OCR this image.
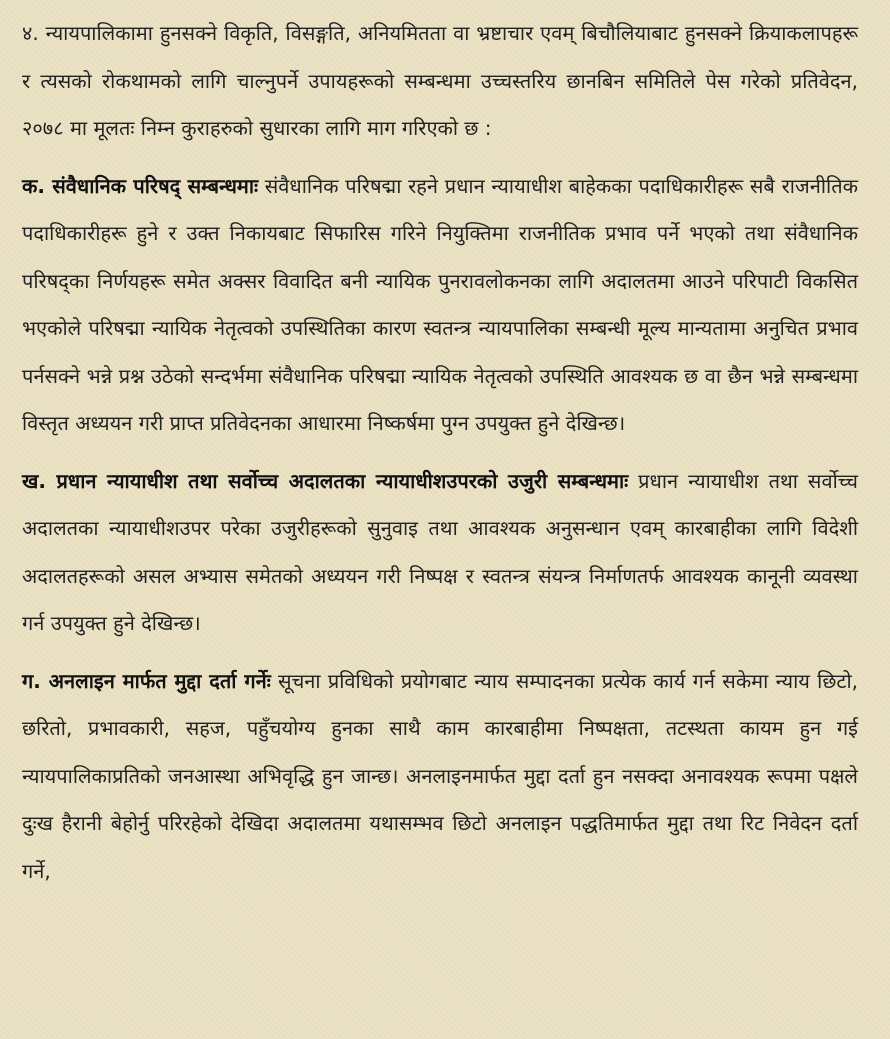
४. न्यायपालिकामा हुनसक्ने विकृति, विसङ्गति, अनियमितता वा भ्रष्टाचार एवम् बिचौलियाबाट हुनसक्ने क्रियाकलापहरू र त्यसको रोकथामको लागि चाल्नुपर्ने उपायहरूको सम्बन्धमा उच्चस्तरिय छानबिन समितिले पेस गरेको प्रतिवेदन, २०७८ मा मूलतः निम्न कुराहरुको सुधारका लागि माग गरिएको छ :

क. संवैधानिक परिषद् सम्बन्धमाः संवैधानिक परिषद्मा रहने प्रधान न्यायाधीश बाहेकका पदाधिकारीहरू सबै राजनीतिक पदाधिकारीहरू हुने र उक्त निकायबाट सिफारिस गरिने नियुक्तिमा राजनीतिक प्रभाव पर्ने भएको तथा संवैधानिक परिषद्का निर्णयहरू समेत अक्सर विवादित बनी न्यायिक पुनरावलोकनका लागि अदालतमा आउने परिपाटी विकसित भएकोले परिषद्मा न्यायिक नेतृत्वको उपस्थितिका कारण स्वतन्त्र न्यायपालिका सम्बन्धी मूल्य मान्यतामा अनुचित प्रभाव पर्नसक्ने भन्ने प्रश्न उठेको सन्दर्भमा संवैधानिक परिषद्मा न्यायिक नेतृत्वको उपस्थिति आवश्यक छ वा छैन भन्ने सम्बन्धमा विस्तृत अध्ययन गरी प्राप्त प्रतिवेदनका आधारमा निष्कर्षमा पुग्न उपयुक्त हुने देखिन्छ।

ख. प्रधान न्यायाधीश तथा सर्वोच्च अदालतका न्यायाधीशउपरको उजुरी सम्बन्धमाः प्रधान न्यायाधीश तथा सर्वोच्च अदालतका न्यायाधीशउपर परेका उजुरीहरूको सुनुवाइ तथा आवश्यक अनुसन्धान एवम् कारबाहीका लागि विदेशी अदालतहरूको असल अभ्यास समेतको अध्ययन गरी निष्पक्ष र स्वतन्त्र संयन्त्र निर्माणतर्फ आवश्यक कानूनी व्यवस्था गर्न उपयुक्त हुने देखिन्छ।

ग. अनलाइन मार्फत मुद्दा दर्ता गर्नेः सूचना प्रविधिको प्रयोगबाट न्याय सम्पादनका प्रत्येक कार्य गर्न सकेमा न्याय छिटो, छरितो, प्रभावकारी, सहज, पहुँचयोग्य हुनका साथै काम कारबाहीमा निष्पक्षता, तटस्थता कायम हुन गई न्यायपालिकाप्रतिको जनआस्था अभिवृद्धि हुन जान्छ। अनलाइनमार्फत मुद्दा दर्ता हुन नसक्दा अनावश्यक रूपमा पक्षले दुःख हैरानी बेहोर्नु परिरहेको देखिदा अदालतमा यथासम्भव छिटो अनलाइन पद्धतिमार्फत मुद्दा तथा रिट निवेदन दर्ता गर्ने,
